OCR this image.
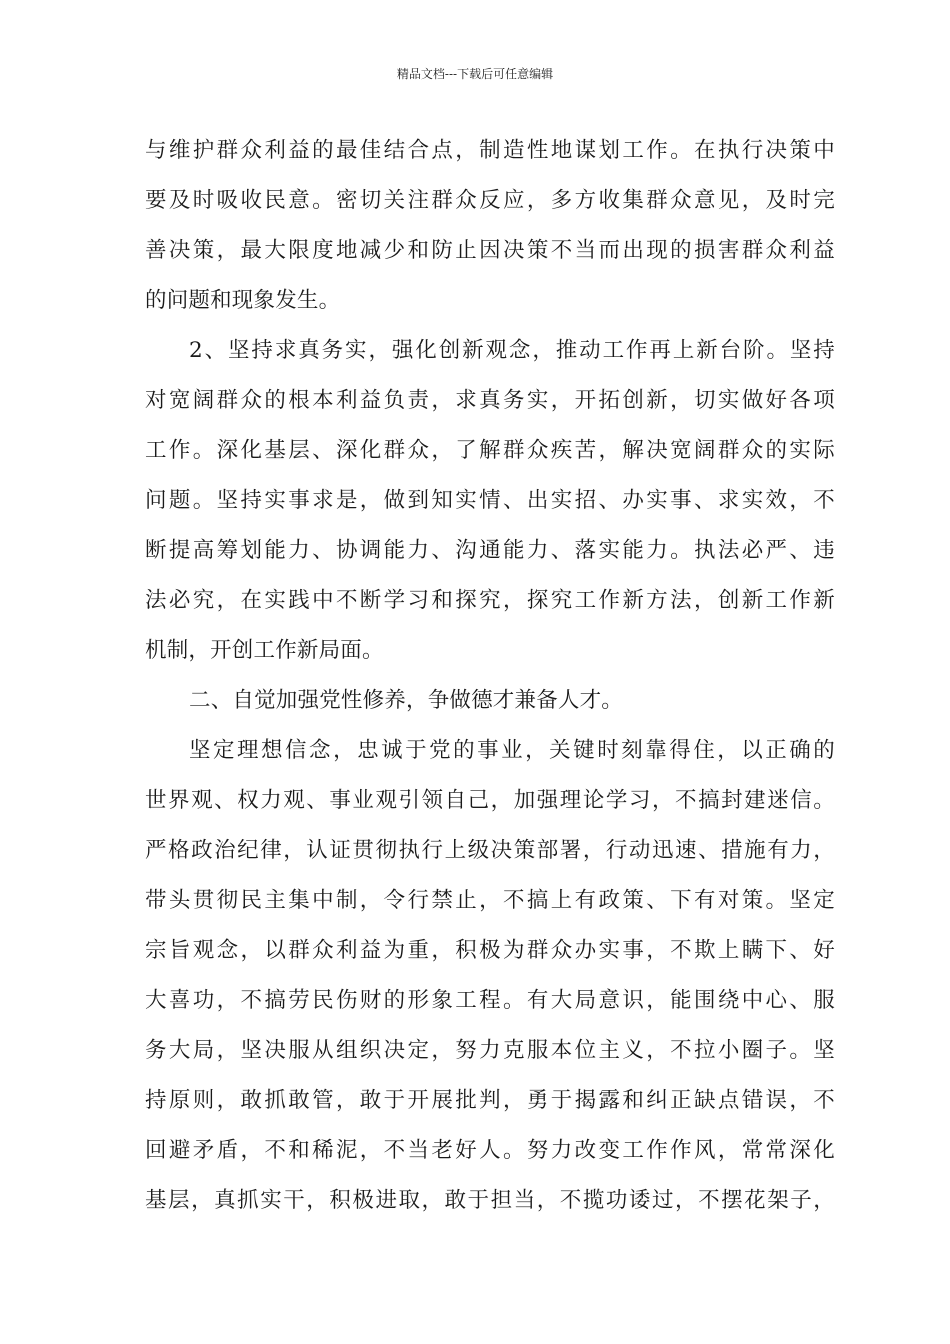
精品文档---下载后可任意编辑
与维护群众利益的最佳结合点，制造性地谋划工作。在执行决策中
要及时吸收民意。密切关注群众反应，多方收集群众意见，及时完
善决策，最大限度地减少和防止因决策不当而出现的损害群众利益
的问题和现象发生。
2、坚持求真务实，强化创新观念，推动工作再上新台阶。坚持
对宽阔群众的根本利益负责，求真务实，开拓创新，切实做好各项
工作。深化基层、深化群众，了解群众疾苦，解决宽阔群众的实际
问题。坚持实事求是，做到知实情、出实招、办实事、求实效，不
断提高筹划能力、协调能力、沟通能力、落实能力。执法必严、违
法必究，在实践中不断学习和探究，探究工作新方法，创新工作新
机制，开创工作新局面。
二、自觉加强党性修养，争做德才兼备人才。
坚定理想信念，忠诚于党的事业，关键时刻靠得住，以正确的
世界观、权力观、事业观引领自己，加强理论学习，不搞封建迷信。
严格政治纪律，认证贯彻执行上级决策部署，行动迅速、措施有力，
带头贯彻民主集中制，令行禁止，不搞上有政策、下有对策。坚定
宗旨观念，以群众利益为重，积极为群众办实事，不欺上瞒下、好
大喜功，不搞劳民伤财的形象工程。有大局意识，能围绕中心、服
务大局，坚决服从组织决定，努力克服本位主义，不拉小圈子。坚
持原则，敢抓敢管，敢于开展批判，勇于揭露和纠正缺点错误，不
回避矛盾，不和稀泥，不当老好人。努力改变工作作风，常常深化
基层，真抓实干，积极进取，敢于担当，不揽功诿过，不摆花架子，
